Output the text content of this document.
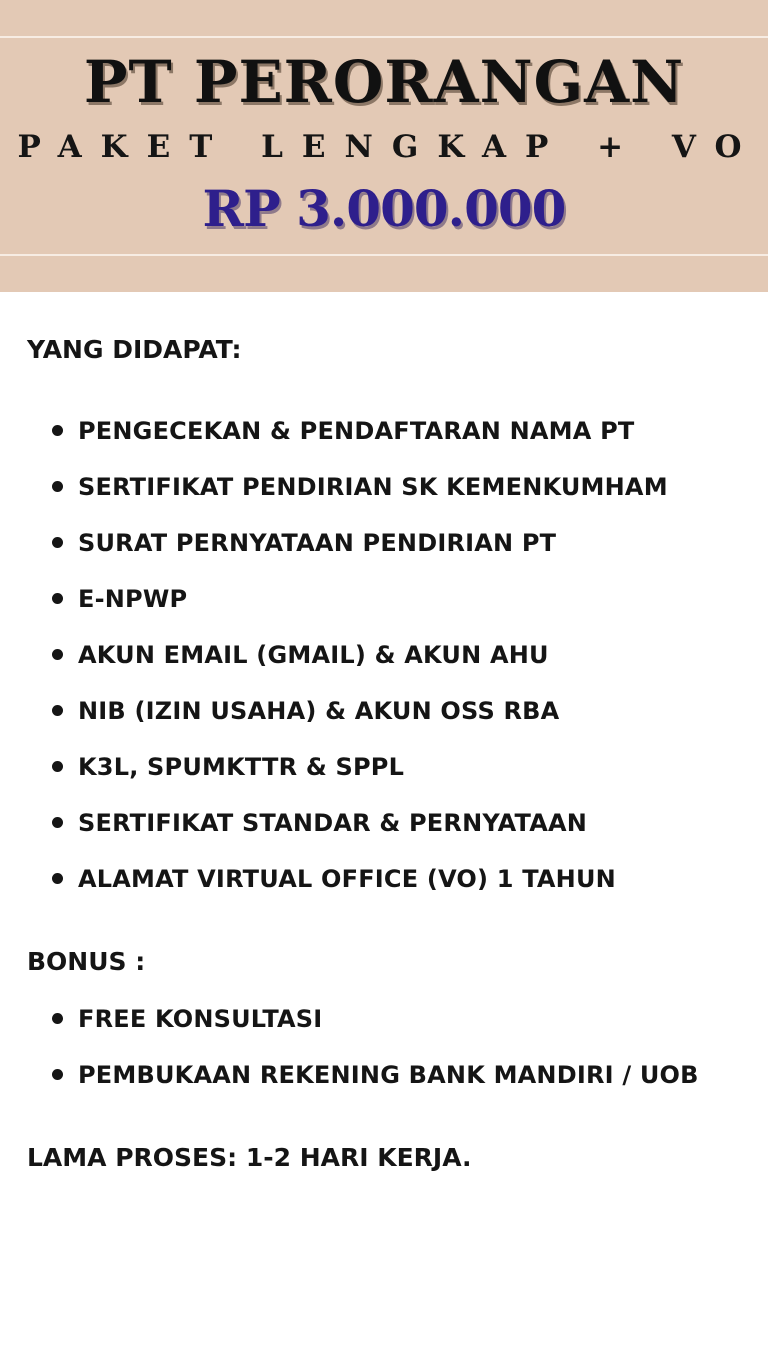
PT PERORANGAN
PAKET LENGKAP + VO
RP 3.000.000
YANG DIDAPAT:
PENGECEKAN & PENDAFTARAN NAMA PT
SERTIFIKAT PENDIRIAN SK KEMENKUMHAM
SURAT PERNYATAAN PENDIRIAN PT
E-NPWP
AKUN EMAIL (GMAIL) & AKUN AHU
NIB (IZIN USAHA) & AKUN OSS RBA
K3L, SPUMKTTR & SPPL
SERTIFIKAT STANDAR & PERNYATAAN
ALAMAT VIRTUAL OFFICE (VO) 1 TAHUN
BONUS :
FREE KONSULTASI
PEMBUKAAN REKENING BANK MANDIRI / UOB
LAMA PROSES: 1-2 HARI KERJA.
